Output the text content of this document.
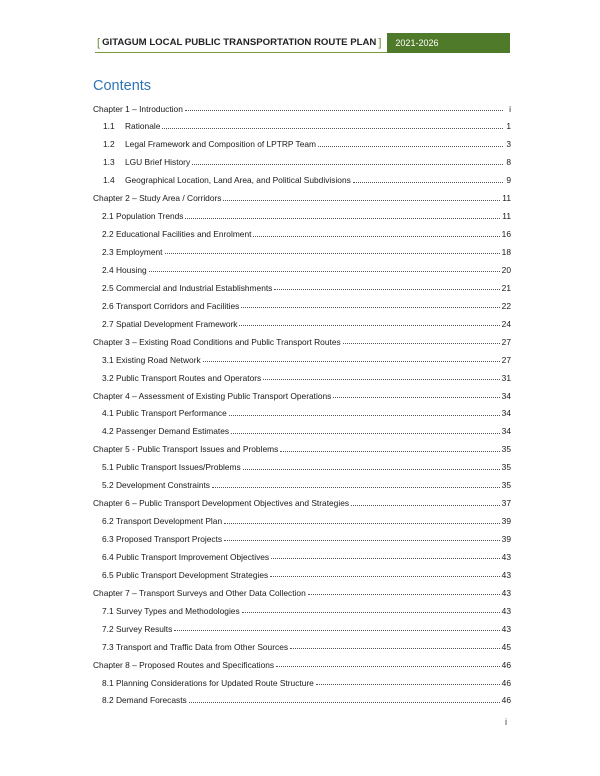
[ GITAGUM LOCAL PUBLIC TRANSPORTATION ROUTE PLAN ]	2021-2026
Contents
Chapter 1 – Introduction	i
1.1	Rationale	1
1.2	Legal Framework and Composition of LPTRP Team	3
1.3	LGU Brief History	8
1.4	Geographical Location, Land Area, and Political Subdivisions	9
Chapter 2 – Study Area / Corridors	11
2.1 Population Trends	11
2.2 Educational Facilities and Enrolment	16
2.3 Employment	18
2.4 Housing	20
2.5 Commercial and Industrial Establishments	21
2.6 Transport Corridors and Facilities	22
2.7 Spatial Development Framework	24
Chapter 3 – Existing Road Conditions and Public Transport Routes	27
3.1 Existing Road Network	27
3.2 Public Transport Routes and Operators	31
Chapter 4 – Assessment of Existing Public Transport Operations	34
4.1 Public Transport Performance	34
4.2 Passenger Demand Estimates	34
Chapter 5 - Public Transport Issues and Problems	35
5.1 Public Transport Issues/Problems	35
5.2 Development Constraints	35
Chapter 6 – Public Transport Development Objectives and Strategies	37
6.2 Transport Development Plan	39
6.3 Proposed Transport Projects	39
6.4 Public Transport Improvement Objectives	43
6.5 Public Transport Development Strategies	43
Chapter 7 – Transport Surveys and Other Data Collection	43
7.1 Survey Types and Methodologies	43
7.2 Survey Results	43
7.3 Transport and Traffic Data from Other Sources	45
Chapter 8 – Proposed Routes and Specifications	46
8.1 Planning Considerations for Updated Route Structure	46
8.2 Demand Forecasts	46
i
